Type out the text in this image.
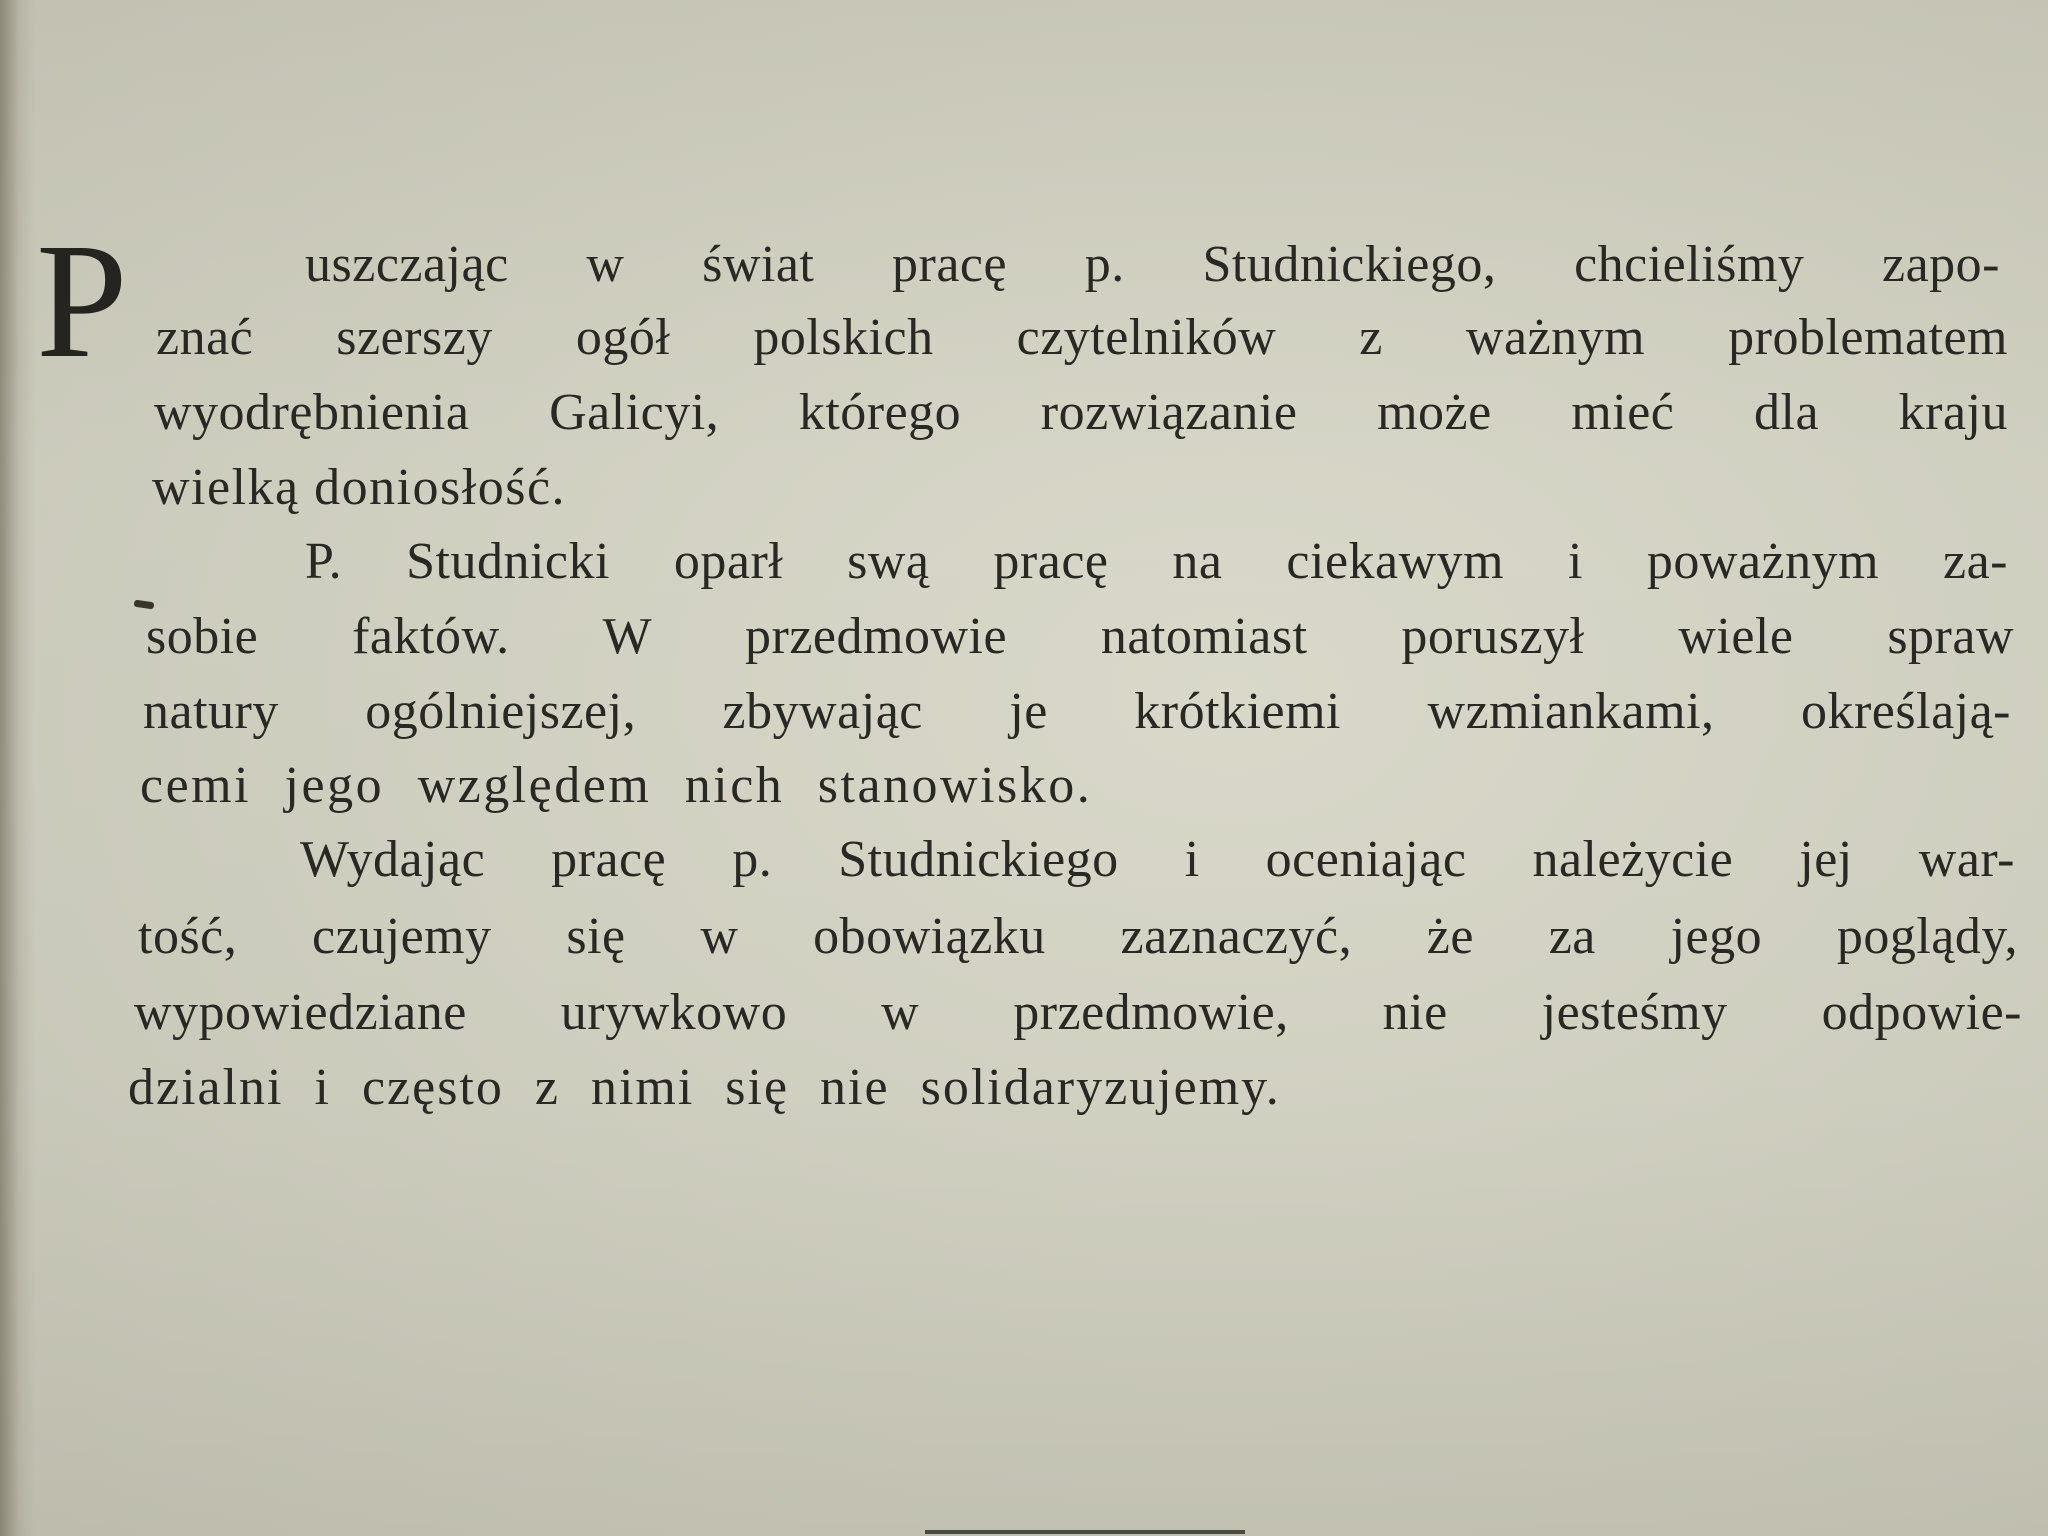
P	uszczając w świat pracę p. Studnickiego, chcieliśmy zapo-
znać szerszy ogół polskich czytelników z ważnym problematem
wyodrębnienia Galicyi, którego rozwiązanie może mieć dla kraju
wielką doniosłość.
P. Studnicki oparł swą pracę na ciekawym i poważnym za-
sobie faktów. W przedmowie natomiast poruszył wiele spraw
natury ogólniejszej, zbywając je krótkiemi wzmiankami, określają-
cemi jego względem nich stanowisko.
Wydając pracę p. Studnickiego i oceniając należycie jej war-
tość, czujemy się w obowiązku zaznaczyć, że za jego poglądy,
wypowiedziane urywkowo w przedmowie, nie jesteśmy odpowie-
dzialni i często z nimi się nie solidaryzujemy.
